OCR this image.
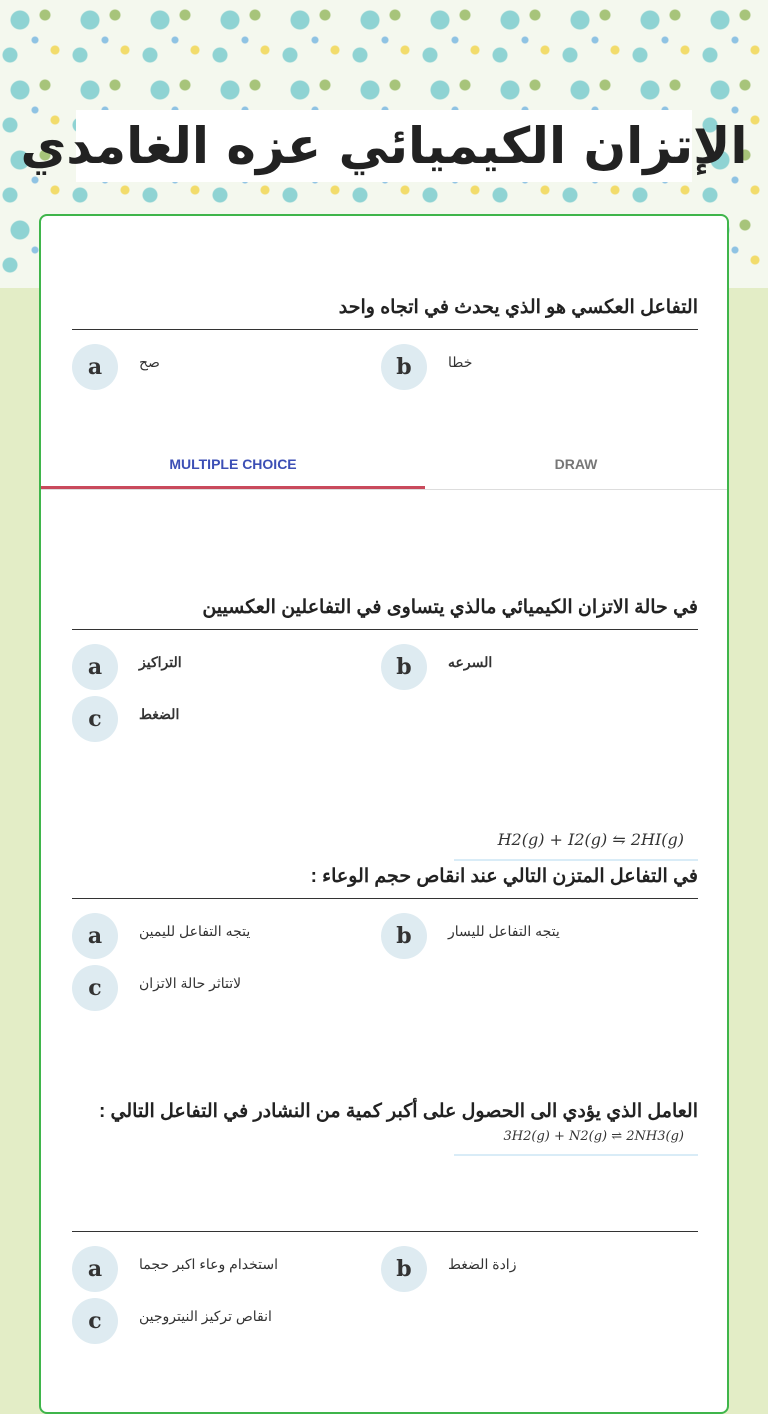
الإتزان الكيميائي عزه الغامدي
التفاعل العكسي هو الذي يحدث في اتجاه واحد
a	صح	b	خطا
MULTIPLE CHOICE	DRAW
في حالة الاتزان الكيميائي مالذي يتساوى في التفاعلين العكسيين
a	التراكيز	b	السرعه
c	الضغط
H2(g) + I2(g) ⇋ 2HI(g)
في التفاعل المتزن التالي عند انقاص حجم الوعاء :
a	يتجه التفاعل لليمين	b	يتجه التفاعل لليسار
c	لاتتاثر حالة الاتزان
العامل الذي يؤدي الى الحصول على أكبر كمية من النشادر في التفاعل التالي :
3H2(g) + N2(g) ⇌ 2NH3(g)
a	استخدام وعاء اكبر حجما	b	زادة الضغط
c	انقاص تركيز النيتروجين
